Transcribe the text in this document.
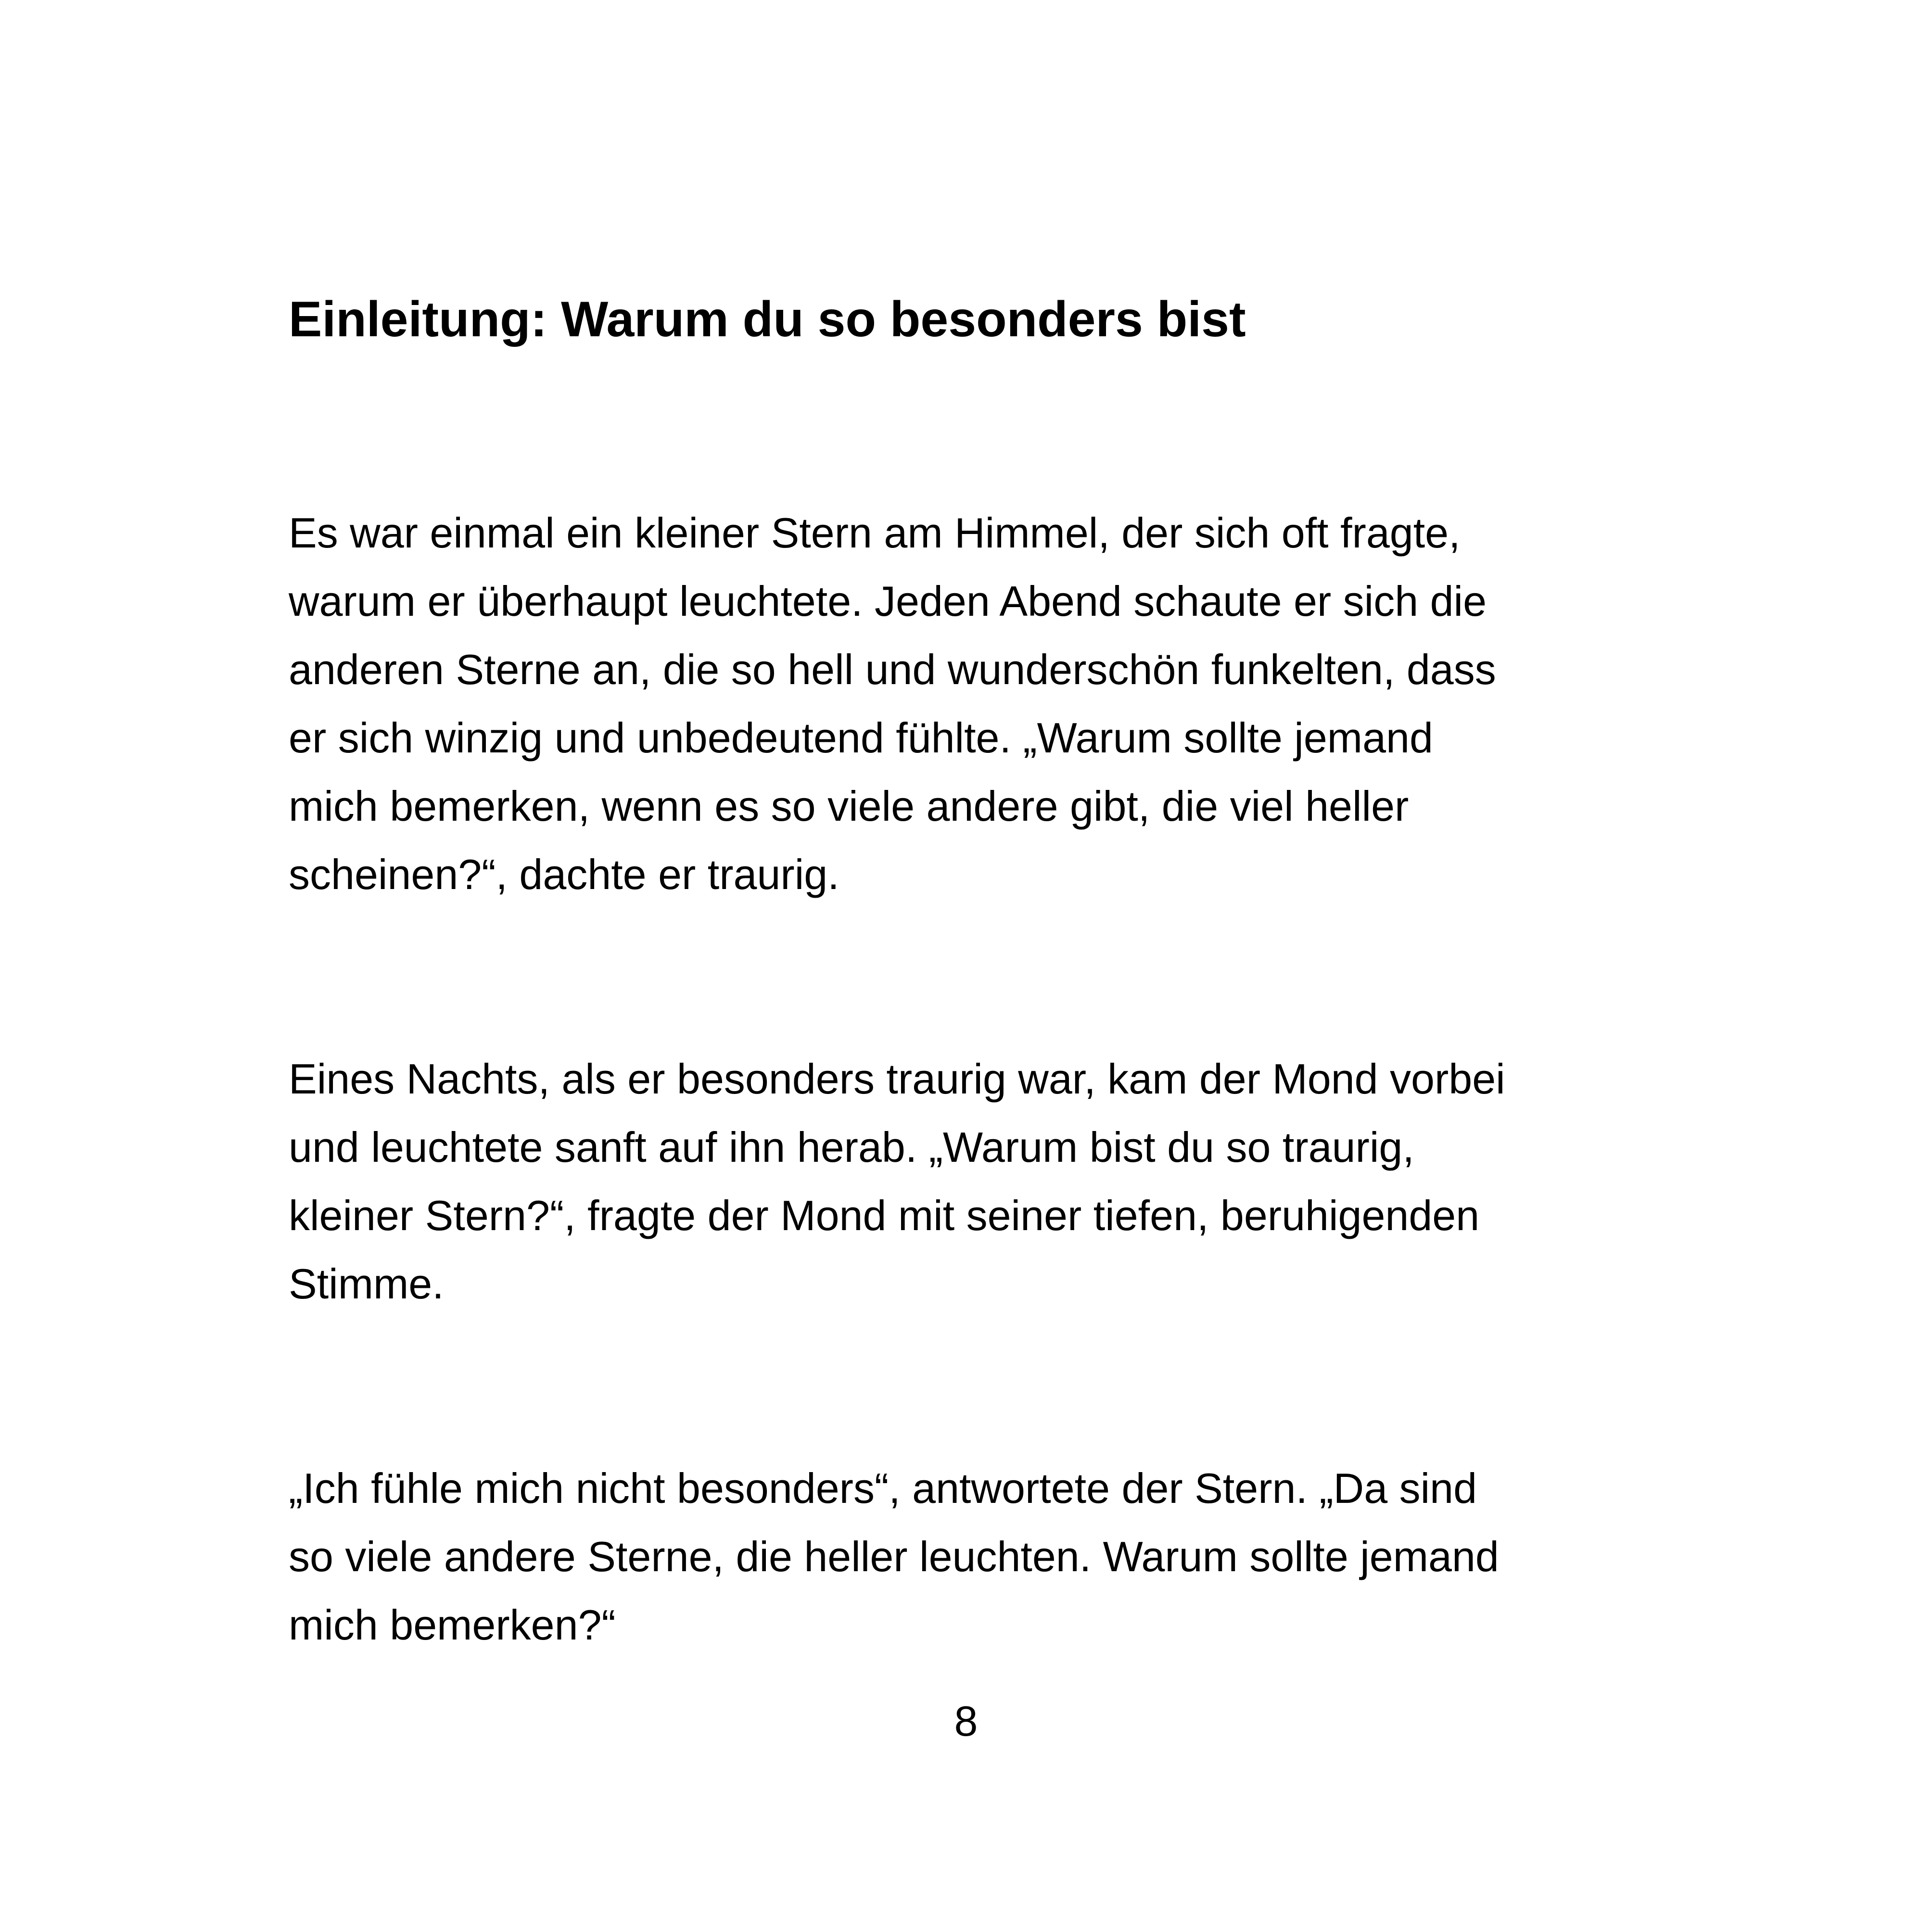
Einleitung: Warum du so besonders bist

Es war einmal ein kleiner Stern am Himmel, der sich oft fragte,
warum er überhaupt leuchtete. Jeden Abend schaute er sich die
anderen Sterne an, die so hell und wunderschön funkelten, dass
er sich winzig und unbedeutend fühlte. „Warum sollte jemand
mich bemerken, wenn es so viele andere gibt, die viel heller
scheinen?“, dachte er traurig.

Eines Nachts, als er besonders traurig war, kam der Mond vorbei
und leuchtete sanft auf ihn herab. „Warum bist du so traurig,
kleiner Stern?“, fragte der Mond mit seiner tiefen, beruhigenden
Stimme.

„Ich fühle mich nicht besonders“, antwortete der Stern. „Da sind
so viele andere Sterne, die heller leuchten. Warum sollte jemand
mich bemerken?“

8
